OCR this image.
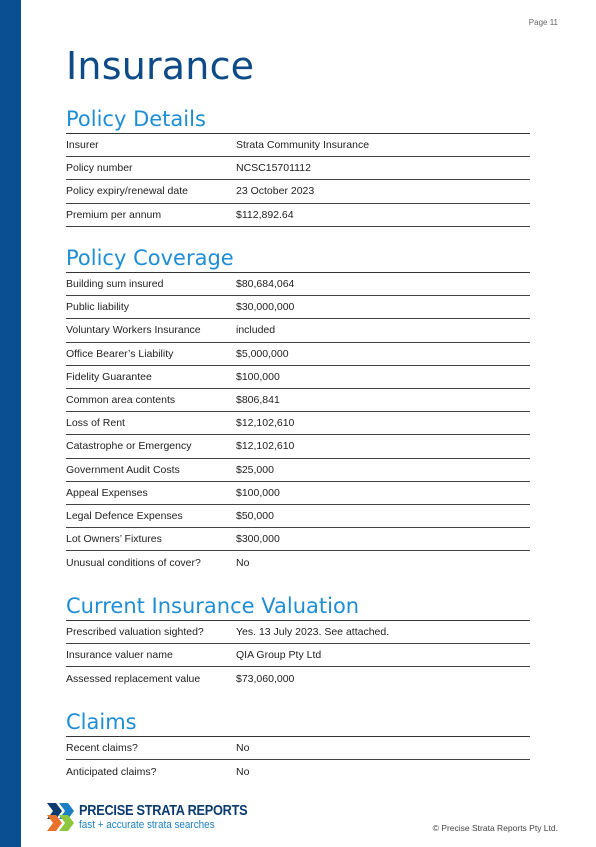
Page 11
Insurance
Policy Details
Insurer	Strata Community Insurance
Policy number	NCSC15701112
Policy expiry/renewal date	23 October 2023
Premium per annum	$112,892.64
Policy Coverage
Building sum insured	$80,684,064
Public liability	$30,000,000
Voluntary Workers Insurance	included
Office Bearer’s Liability	$5,000,000
Fidelity Guarantee	$100,000
Common area contents	$806,841
Loss of Rent	$12,102,610
Catastrophe or Emergency	$12,102,610
Government Audit Costs	$25,000
Appeal Expenses	$100,000
Legal Defence Expenses	$50,000
Lot Owners’ Fixtures	$300,000
Unusual conditions of cover?	No
Current Insurance Valuation
Prescribed valuation sighted?	Yes. 13 July 2023. See attached.
Insurance valuer name	QIA Group Pty Ltd
Assessed replacement value	$73,060,000
Claims
Recent claims?	No
Anticipated claims?	No
PRECISE STRATA REPORTS
fast + accurate strata searches	© Precise Strata Reports Pty Ltd.
